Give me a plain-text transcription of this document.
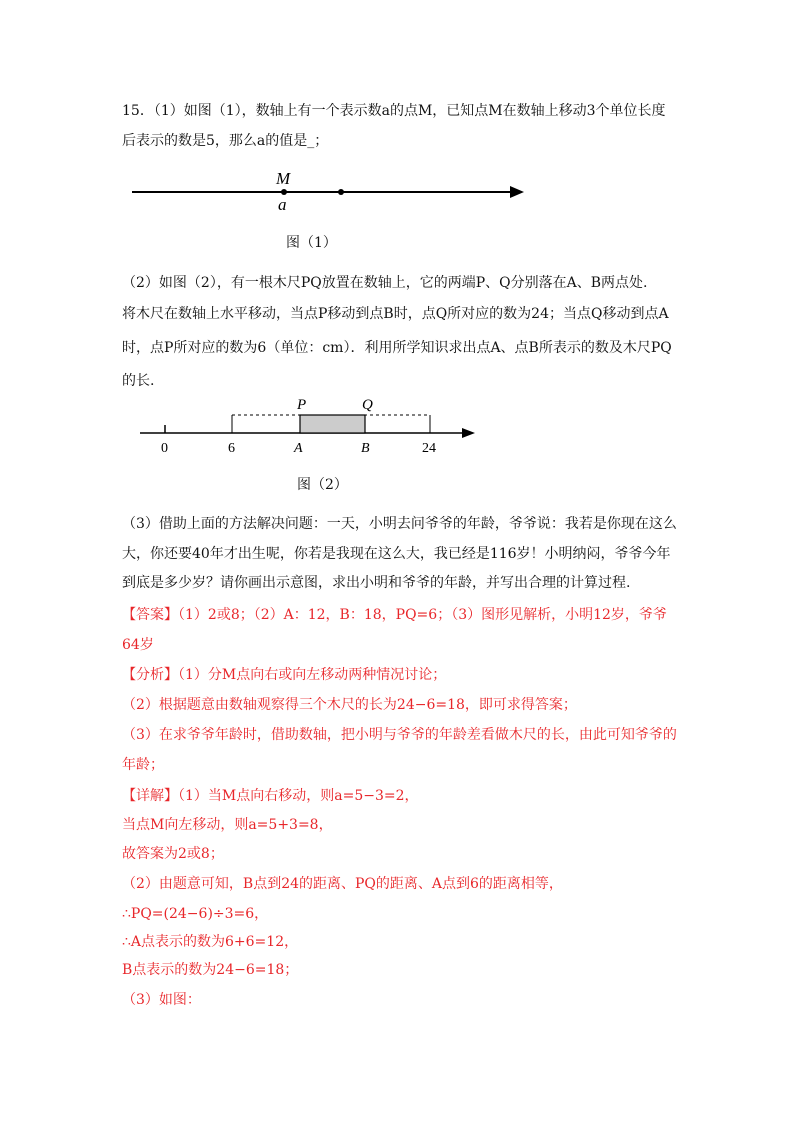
15．（1）如图（1），数轴上有一个表示数a的点M，已知点M在数轴上移动3个单位长度
后表示的数是5，那么a的值是_；
M
a
图（1）
（2）如图（2），有一根木尺PQ放置在数轴上，它的两端P、Q分别落在A、B两点处.
将木尺在数轴上水平移动，当点P移动到点B时，点Q所对应的数为24；当点Q移动到点A
时，点P所对应的数为6（单位：cm）．利用所学知识求出点A、点B所表示的数及木尺PQ
的长.
P	Q
0	6	A	B	24
图（2）
（3）借助上面的方法解决问题：一天，小明去问爷爷的年龄，爷爷说：我若是你现在这么
大，你还要40年才出生呢，你若是我现在这么大，我已经是116岁！小明纳闷，爷爷今年
到底是多少岁？请你画出示意图，求出小明和爷爷的年龄，并写出合理的计算过程.
【答案】（1）2或8；（2）A：12，B：18，PQ=6；（3）图形见解析，小明12岁，爷爷
64岁
【分析】（1）分M点向右或向左移动两种情况讨论；
（2）根据题意由数轴观察得三个木尺的长为24−6=18，即可求得答案；
（3）在求爷爷年龄时，借助数轴，把小明与爷爷的年龄差看做木尺的长，由此可知爷爷的
年龄；
【详解】（1）当M点向右移动，则a=5−3=2，
当点M向左移动，则a=5+3=8，
故答案为2或8；
（2）由题意可知，B点到24的距离、PQ的距离、A点到6的距离相等，
∴PQ=(24−6)÷3=6，
∴A点表示的数为6+6=12，
B点表示的数为24−6=18；
（3）如图：
